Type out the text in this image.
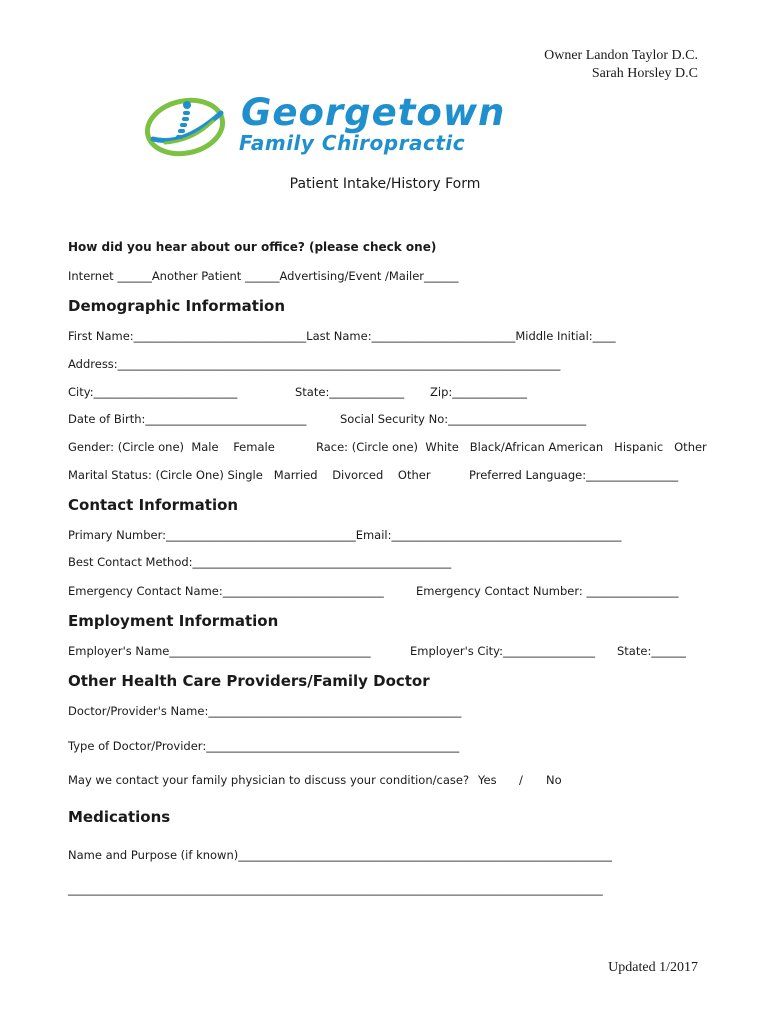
Owner Landon Taylor D.C.
Sarah Horsley D.C
Georgetown
Family Chiropractic
Patient Intake/History Form
How did you hear about our office? (please check one)
Internet ______Another Patient ______Advertising/Event /Mailer______
Demographic Information
First Name:______________________________Last Name:_________________________Middle Initial:____
Address:_____________________________________________________________________________
City:_________________________	State:_____________ Zip:_____________
Date of Birth:____________________________	Social Security No:________________________
Gender: (Circle one)  Male    Female	Race: (Circle one)  White   Black/African American   Hispanic   Other
Marital Status: (Circle One) Single   Married    Divorced    Other	Preferred Language:________________
Contact Information
Primary Number:_________________________________Email:________________________________________
Best Contact Method:_____________________________________________
Emergency Contact Name:____________________________	Emergency Contact Number: ________________
Employment Information
Employer's Name___________________________________	Employer's City:________________ State:______
Other Health Care Providers/Family Doctor
Doctor/Provider's Name:____________________________________________
Type of Doctor/Provider:____________________________________________
May we contact your family physician to discuss your condition/case? Yes / No
Medications
Name and Purpose (if known)_________________________________________________________________
_____________________________________________________________________________________________
Updated 1/2017
